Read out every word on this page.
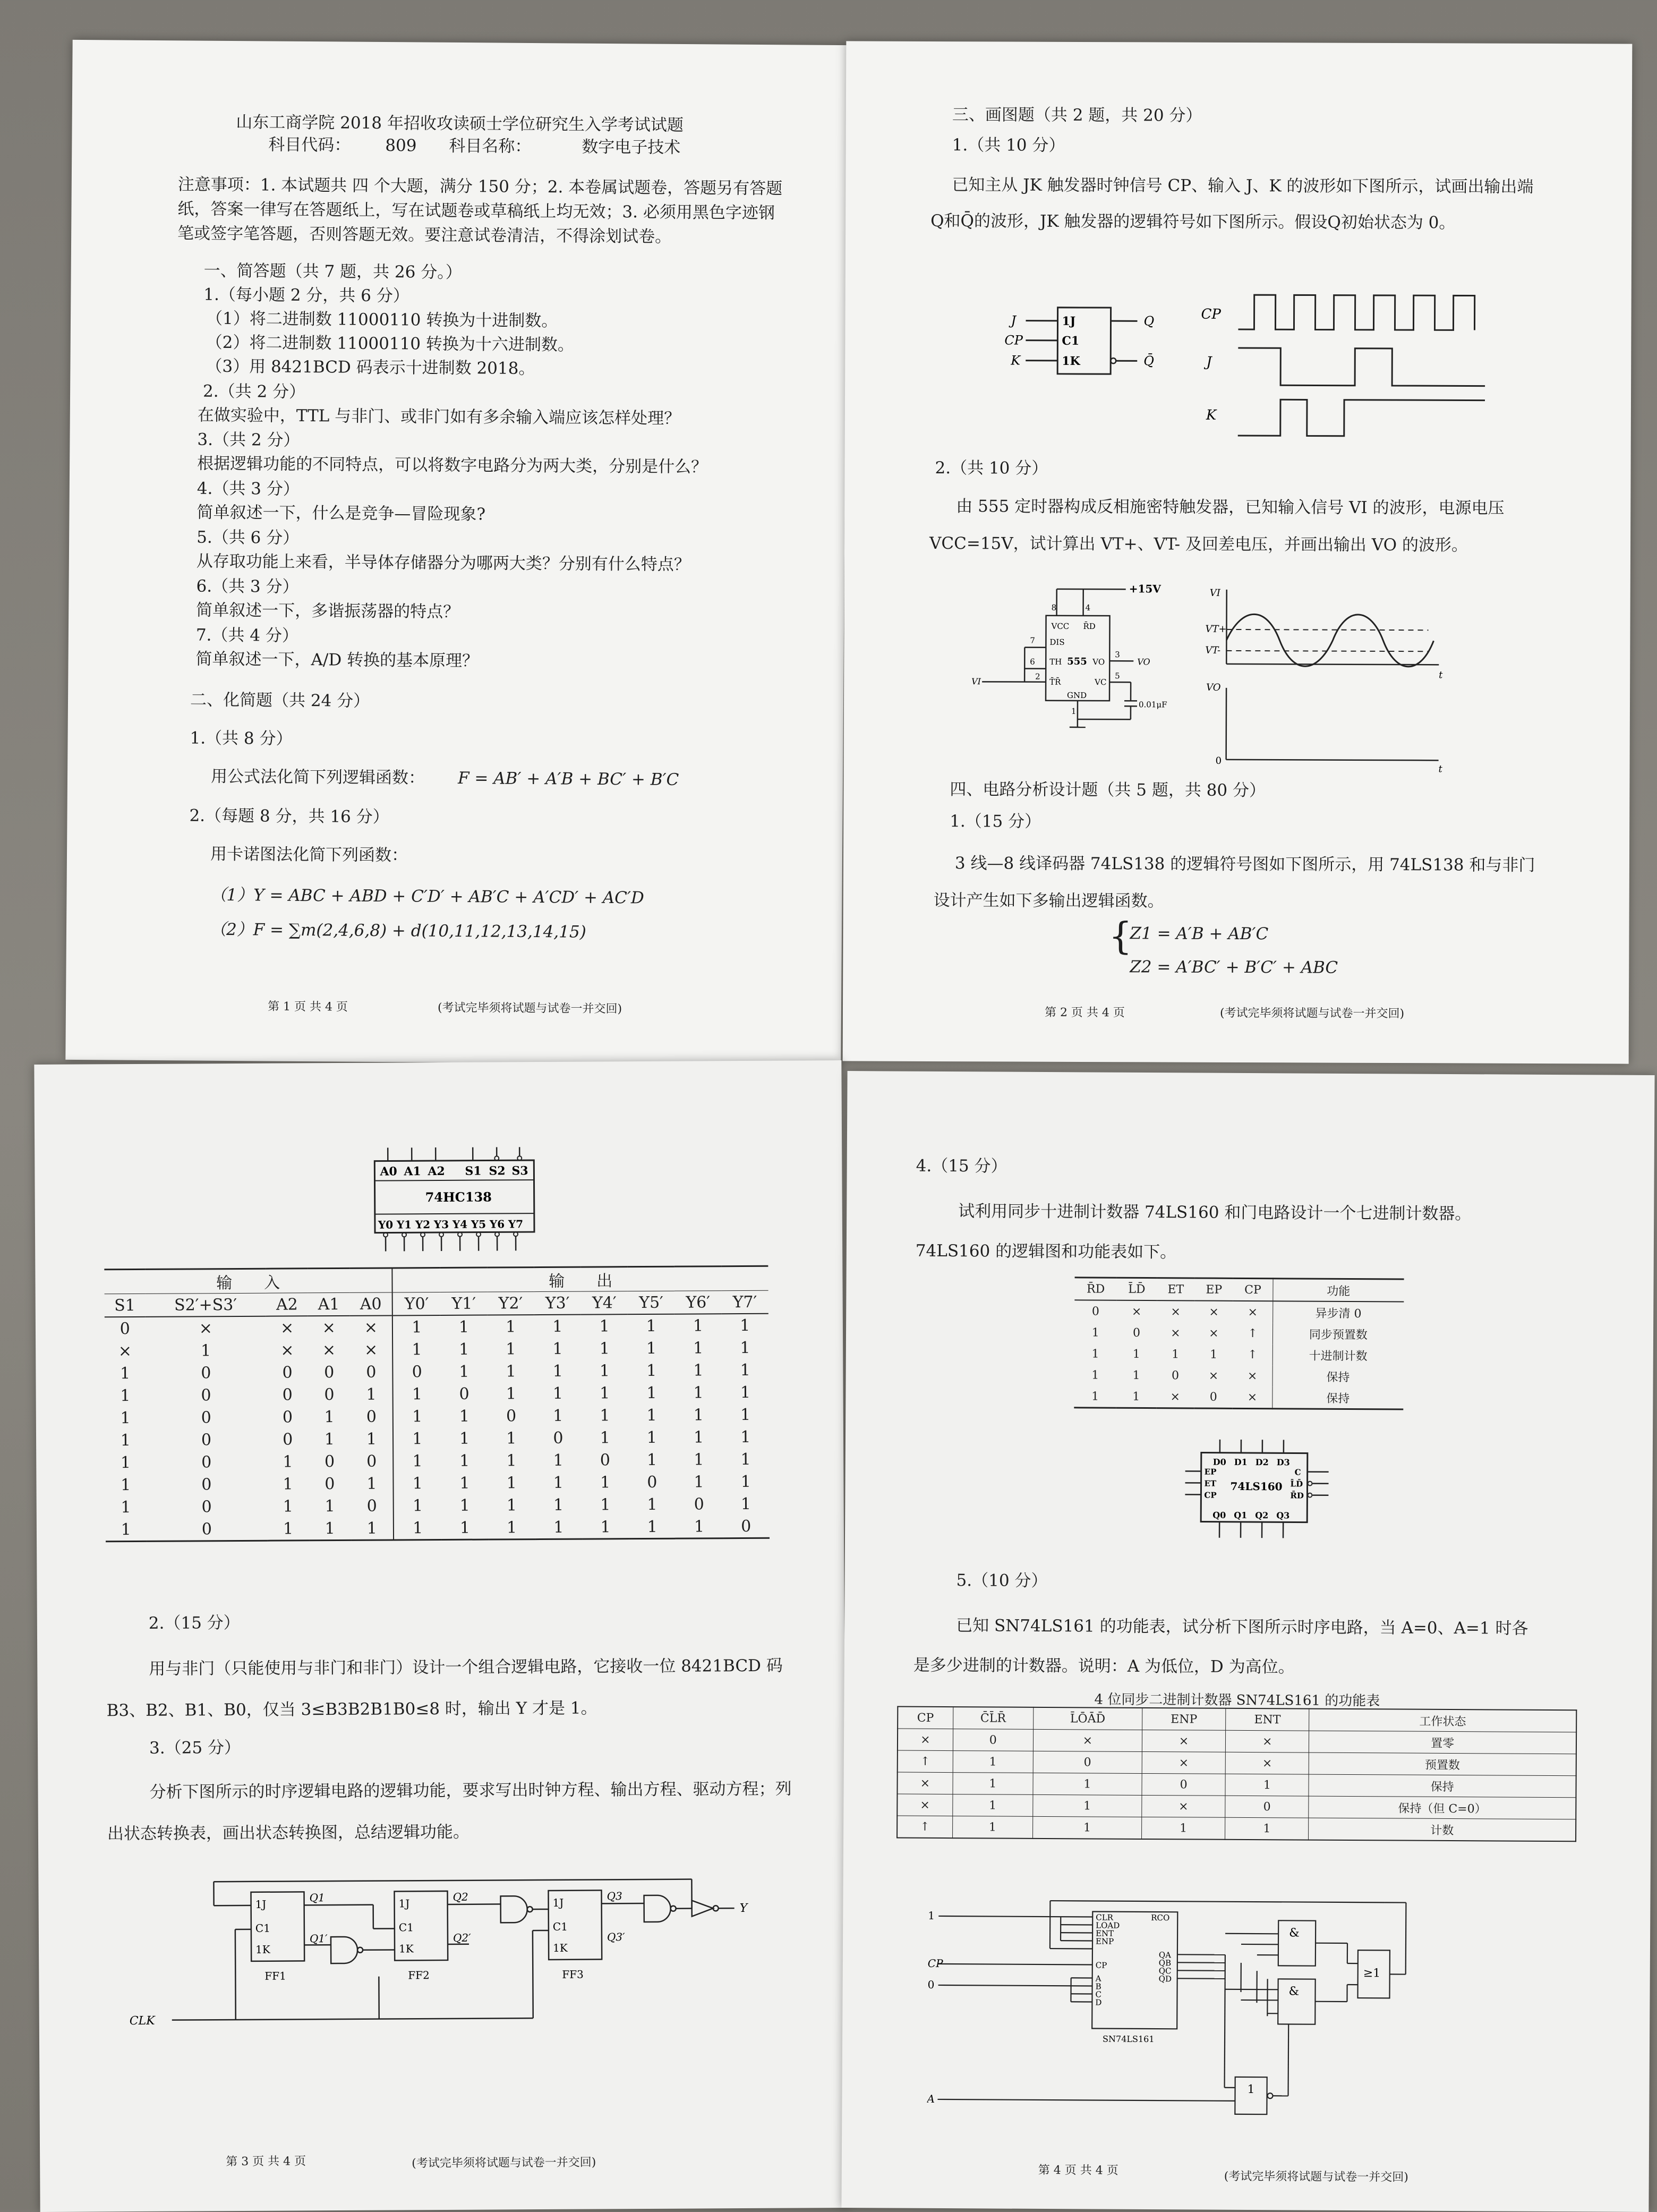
山东工商学院 2018 年招收攻读硕士学位研究生入学考试试题
科目代码： 809 科目名称：	数字电子技术
注意事项：1. 本试题共 四 个大题，满分 150 分；2. 本卷属试题卷，答题另有答题纸，答案一律写在答题纸上，写在试题卷或草稿纸上均无效；3. 必须用黑色字迹钢笔或签字笔答题，否则答题无效。要注意试卷清洁，不得涂划试卷。
一、简答题（共 7 题，共 26 分。）
1.（每小题 2 分，共 6 分）
（1）将二进制数 11000110 转换为十进制数。
（2）将二进制数 11000110 转换为十六进制数。
（3）用 8421BCD 码表示十进制数 2018。
2.（共 2 分）
在做实验中，TTL 与非门、或非门如有多余输入端应该怎样处理？
3.（共 2 分）
根据逻辑功能的不同特点，可以将数字电路分为两大类，分别是什么？
4.（共 3 分）
简单叙述一下，什么是竞争—冒险现象?
5.（共 6 分）
从存取功能上来看，半导体存储器分为哪两大类？分别有什么特点？
6.（共 3 分）
简单叙述一下，多谐振荡器的特点？
7.（共 4 分）
简单叙述一下，A/D 转换的基本原理？
二、化简题（共 24 分）
1.（共 8 分）
用公式法化简下列逻辑函数： F = AB′ + A′B + BC′ + B′C
2.（每题 8 分，共 16 分）
用卡诺图法化简下列函数：
（1）Y = ABC + ABD + C′D′ + AB′C + A′CD′ + AC′D
（2）F = ∑m(2,4,6,8) + d(10,11,12,13,14,15)
第 1 页 共 4 页	(考试完毕须将试题与试卷一并交回)
三、画图题（共 2 题，共 20 分）
1.（共 10 分）
已知主从 JK 触发器时钟信号 CP、输入 J、K 的波形如下图所示，试画出输出端Q和Q̄的波形，JK 触发器的逻辑符号如下图所示。假设Q初始状态为 0。
J
CP
K
1J
C1
1K
Q
Q̄
CP
J
K
2.（共 10 分）
由 555 定时器构成反相施密特触发器，已知输入信号 VI 的波形，电源电压
VCC=15V，试计算出 VT+、VT- 及回差电压，并画出输出 VO 的波形。
+15V
VCC R̄D
DIS
TH 555
T̄R̄
VO
VC
GND
VO
VI
0.01μF
8	4
7
6
2
3
5
1
VI
VT+
VT-
t
VO
0
t
四、电路分析设计题（共 5 题，共 80 分）
1.（15 分）
3 线—8 线译码器 74LS138 的逻辑符号图如下图所示，用 74LS138 和与非门设计产生如下多输出逻辑函数。
{
Z1 = A′B + AB′C
Z2 = A′BC′ + B′C′ + ABC
第 2 页 共 4 页	(考试完毕须将试题与试卷一并交回)
A0 A1 A2 S1 S2 S3
74HC138
Y0 Y1 Y2 Y3 Y4 Y5 Y6 Y7
输　　入					输　　出							
S1	S2′+S3′	A2	A1	A0	Y0′	Y1′	Y2′	Y3′	Y4′	Y5′	Y6′	Y7′
0	×	×	×	×	1	1	1	1	1	1	1	1
×	1	×	×	×	1	1	1	1	1	1	1	1
1	0	0	0	0	0	1	1	1	1	1	1	1
1	0	0	0	1	1	0	1	1	1	1	1	1
1	0	0	1	0	1	1	0	1	1	1	1	1
1	0	0	1	1	1	1	1	0	1	1	1	1
1	0	1	0	0	1	1	1	1	0	1	1	1
1	0	1	0	1	1	1	1	1	1	0	1	1
1	0	1	1	0	1	1	1	1	1	1	0	1
1	0	1	1	1	1	1	1	1	1	1	1	0
2.（15 分）
用与非门（只能使用与非门和非门）设计一个组合逻辑电路，它接收一位 8421BCD 码 B3、B2、B1、B0，仅当 3≤B3B2B1B0≤8 时，输出 Y 才是 1。
3.（25 分）
分析下图所示的时序逻辑电路的逻辑功能，要求写出时钟方程、输出方程、驱动方程；列出状态转换表，画出状态转换图，总结逻辑功能。
1J
C1
1K
1J
C1
1K
1J
C1
1K
Q1
Q1′
Q2
Q2′
Q3
Q3′
FF1	FF2	FF3
CLK
Y
第 3 页 共 4 页	(考试完毕须将试题与试卷一并交回)
4.（15 分）
试利用同步十进制计数器 74LS160 和门电路设计一个七进制计数器。
74LS160 的逻辑图和功能表如下。
R̄D	L̄D̄	ET	EP	CP	功能
0	×	×	×	×	异步清 0
1	0	×	×	↑	同步预置数
1	1	1	1	↑	十进制计数
1	1	0	×	×	保持
1	1	×	0	×	保持
D0 D1 D2 D3
EP
ET
CP
74LS160
C
L̄D̄
R̄D
Q0 Q1 Q2 Q3
5.（10 分）
已知 SN74LS161 的功能表，试分析下图所示时序电路，当 A=0、A=1 时各
是多少进制的计数器。说明：A 为低位，D 为高位。
4 位同步二进制计数器 SN74LS161 的功能表
CP	C̄L̄R̄	L̄ŌĀD̄	ENP	ENT	工作状态
×	0	×	×	×	置零
↑	1	0	×	×	预置数
×	1	1	0	1	保持
×	1	1	×	0	保持（但 C=0）
↑	1	1	1	1	计数
1
CP
0
A
CLR
LOAD
ENT
ENP
CP
A
B
C
D
RCO
QA
QB
QC
QD
SN74LS161
&
&
≥1
1
第 4 页 共 4 页	(考试完毕须将试题与试卷一并交回)
